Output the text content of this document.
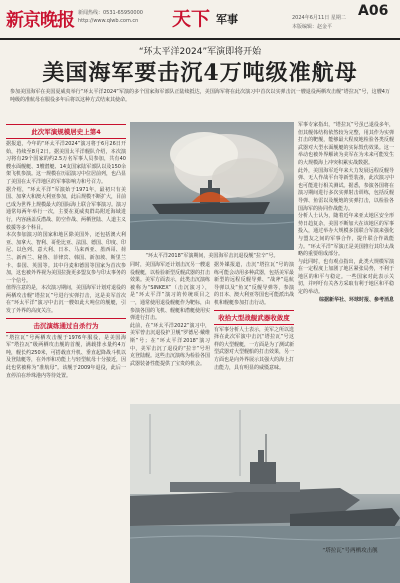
新京晚报 新闻热线：0531-65950000
http://www.qlwb.com.cn 天下 军事	2024年6月11日 星期二 A06
本版编辑：赵金平
“环太平洋2024”军演即将开始
美国海军要击沉4万吨级准航母
参加美国海军在美国夏威夷举行“环太平洋2024”军演的多个国家海军部队正陆续抵达，美国海军将在此次演习中首次以实弹击沉一艘退役两栖攻击舰“塔拉瓦”号，这艘4万吨级的准航母在服役多年后将以这种方式结束其使命。
此次军演规模居史上第4
据报道，今年的“环太平洋2024”演习将于6月26日开始，持续至8月2日。据美国太平洋舰队介绍，本次演习将有29个国家的约2.5万名军事人员参加，共有40艘水面舰艇、3艘潜艇、14支国家陆军部队以及150余架飞机参演。这一规模在历届演习中位居前列，也凸显了美国在太平洋地区的军事影响力和号召力。
据介绍，“环太平洋”军演始于1971年，最初只有美国、加拿大和澳大利亚参加，此后规模不断扩大，目前已成为世界上规模最大的国际海上联合军事演习。演习通常每两年举行一次，主要在夏威夷群岛附近海域进行，内容涵盖反潜战、防空作战、两栖登陆、人道主义救援等多个科目。
本次参加演习的国家和地区除美国外，还包括澳大利亚、加拿大、智利、哥伦比亚、法国、德国、印度、印尼、以色列、意大利、日本、马来西亚、墨西哥、荷兰、新西兰、秘鲁、菲律宾、韩国、新加坡、斯里兰卡、泰国、英国等。其中丹麦和德国等国家为首次参加，这也被外界视为美国拉拢更多盟友参与印太事务的一个信号。
值得注意的是，本次演习期间，美国海军计划对退役的两栖攻击舰“塔拉瓦”号进行实弹打击，这是美军首次在“环太平洋”演习中击沉一艘如此大吨位的舰艇，引发了外界的高度关注。
击沉演练通过自杀行为
“塔拉瓦”号两栖攻击舰于1976年服役，是美国海军“塔拉瓦”级两栖攻击舰的首舰，满载排水量约4万吨，舰长约250米，可搭载直升机、垂直起降战斗机以及登陆艇等，在外形和功能上与轻型航母十分接近，因此也常被称为“准航母”。该舰于2009年退役，此后一直停泊在珍珠港内等待处置。
“环太平洋2018”军演期间，美国海军击沉退役舰“拉辛”号。
军事专家指出，“塔拉瓦”号虽已退役多年，但其舰体结构依然较为完整，用其作为实弹打击的靶舰，能够最大程度地检验各类反舰武器对大型水面舰艇的实际毁伤效果。这一举动也被外界解读为美军在为未来可能发生的大规模海上冲突积累实战数据。
此外，美国海军近年来大力发展远程反舰导弹、无人作战平台等新型装备，此次演习中也可能进行相关测试。据悉，参演各国将在演习期间进行多次实弹射击训练，包括反舰导弹、鱼雷以及舰炮的实弹打击，以检验各国海军的协同作战能力。
分析人士认为，随着近年来亚太地区安全形势日趋复杂，美国不断加大在该地区的军事投入，通过举办大规模多国联合军演来强化与盟友之间的军事合作，提升联合作战能力。“环太平洋”军演正是美国推行其印太战略的重要组成部分。
与此同时，也有观点指出，此类大规模军演在一定程度上加剧了地区紧张局势，不利于地区的和平与稳定。一些国家对此表示关切，并呼吁有关各方采取有利于地区和平稳定的举动。
综据新华社、环球时报、参考消息
同时，美国海军还计划击沉另一艘退役舰艇，以检验新型反舰武器的打击效果。美军方面表示，此类击沉演练被称为“SINKEX”（击沉演习），是“环太平洋”演习的传统项目之一，通常使用退役舰艇作为靶标，由参演各国的飞机、舰艇和潜艇使用实弹进行打击。
此前，在“环太平洋2022”演习中，美军曾击沉退役护卫舰“罗德尼·戴维斯”号；在“环太平洋2018”演习中，美军击沉了退役的“拉辛”号坦克登陆舰。这些击沉演练为检验各国武器装备性能提供了宝贵的机会。
据外媒报道，击沉“塔拉瓦”号的演练可能会动用多种武器，包括美军最新型的远程反舰导弹、“战斧”巡航导弹以及“鱼叉”反舰导弹等，参演的日本、澳大利亚等国也可能派出战机和舰艇参加打击行动。
收拾大型战舰武器收敛度
有军事分析人士表示，美军之所以选择在此次军演中击沉“塔拉瓦”号这样的大型舰艇，一方面是为了测试新型武器对大型舰船的打击效果，另一方面也是向外界展示其强大的海上打击能力，具有明显的威慑意味。
“塔拉瓦”号两栖攻击舰
